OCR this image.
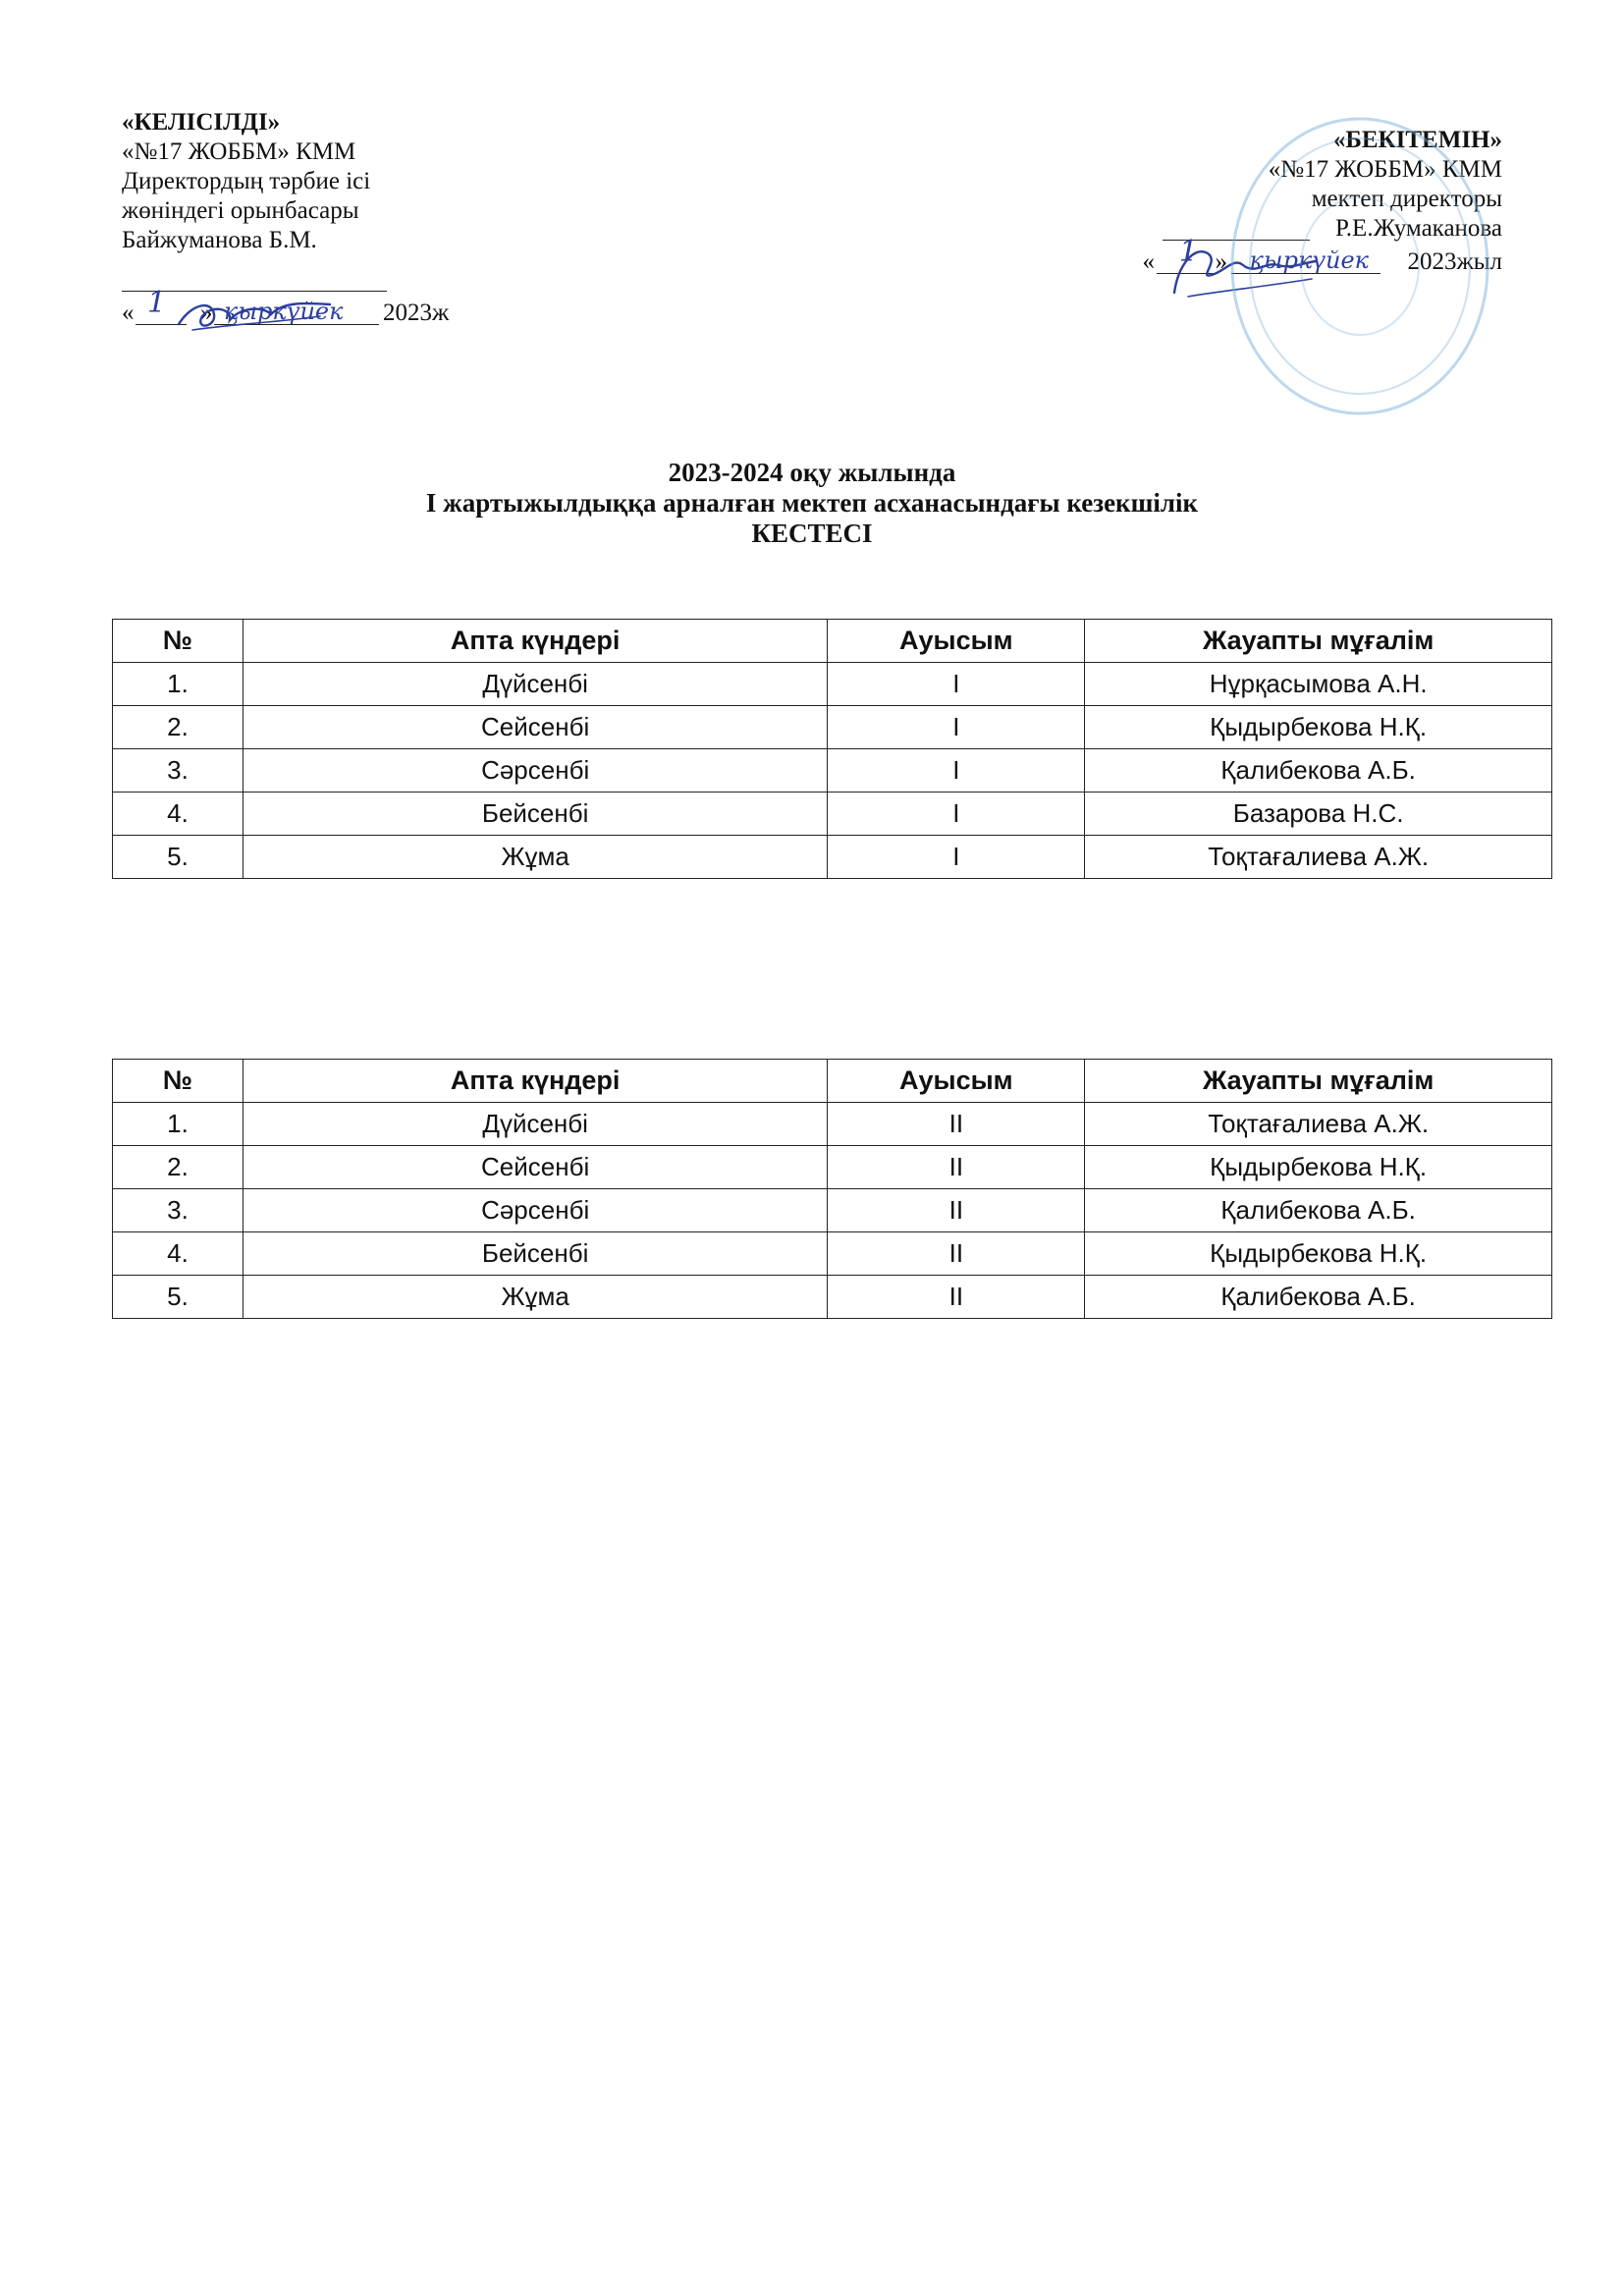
«КЕЛІСІЛДІ»
«№17 ЖОББМ» КММ
Директордың тәрбие ісі
жөніндегі орынбасары
Байжуманова Б.М.
« 1 » қыркүйек 2023ж
«БЕКІТЕМІН»
«№17 ЖОББМ» КММ
мектеп директоры
Р.Е.Жумаканова
2023жыл
қыркүйек
»
1
«
2023-2024 оқу жылында
I жартыжылдыққа арналған мектеп асханасындағы кезекшілік
КЕСТЕСІ
№	Апта күндері	Ауысым	Жауапты мұғалім
1.	Дүйсенбі	I	Нұрқасымова А.Н.
2.	Сейсенбі	I	Қыдырбекова Н.Қ.
3.	Сәрсенбі	I	Қалибекова А.Б.
4.	Бейсенбі	I	Базарова Н.С.
5.	Жұма	I	Тоқтағалиева А.Ж.
№	Апта күндері	Ауысым	Жауапты мұғалім
1.	Дүйсенбі	II	Тоқтағалиева А.Ж.
2.	Сейсенбі	II	Қыдырбекова Н.Қ.
3.	Сәрсенбі	II	Қалибекова А.Б.
4.	Бейсенбі	II	Қыдырбекова Н.Қ.
5.	Жұма	II	Қалибекова А.Б.
